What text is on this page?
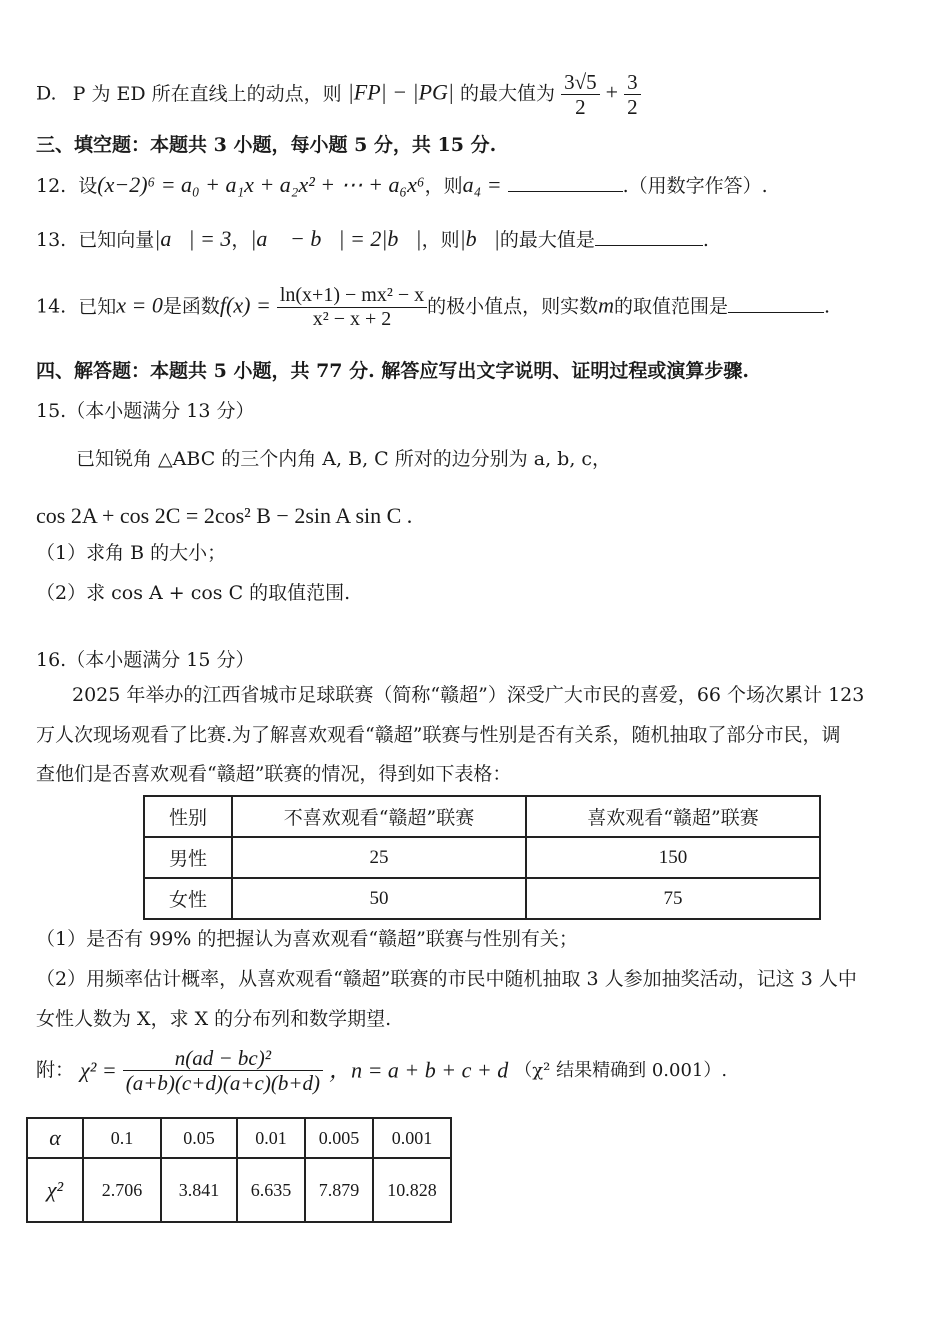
D. P 为 ED 所在直线上的动点，则 |FP| − |PG| 的最大值为 $\frac{3√5}{2} + \frac{3}{2}$
三、填空题：本题共 3 小题，每小题 5 分，共 15 分.
12. 设(x−2)⁶ = a₀ + a₁x + a₂x² + ⋯ + a₆x⁶，则a₄ =	.（用数字作答）.
13. 已知向量|a⃗| = 3，|a⃗ − b⃗| = 2|b⃗|，则|b⃗|的最大值是	.
14. 已知x = 0是函数$f(x) = \frac{\text{ln(x+1) − mx² − x}}{\text{x² − x + 2}}$ 的极小值点，则实数m的取值范围是	.
四、解答题：本题共 5 小题，共 77 分. 解答应写出文字说明、证明过程或演算步骤.
15.（本小题满分 13 分）
已知锐角 △ABC 的三个内角 A, B, C 所对的边分别为 a, b, c，
cos 2A + cos 2C = 2cos² B − 2sin A sin C .
（1）求角 B 的大小；
（2）求 cos A + cos C 的取值范围.
16.（本小题满分 15 分）
2025 年举办的江西省城市足球联赛（简称“赣超”）深受广大市民的喜爱，66 个场次累计 123
万人次现场观看了比赛.为了解喜欢观看“赣超”联赛与性别是否有关系，随机抽取了部分市民，调
查他们是否喜欢观看“赣超”联赛的情况，得到如下表格：
性别	不喜欢观看“赣超”联赛	喜欢观看“赣超”联赛
男性	25	150
女性	50	75
（1）是否有 99% 的把握认为喜欢观看“赣超”联赛与性别有关；
（2）用频率估计概率，从喜欢观看“赣超”联赛的市民中随机抽取 3 人参加抽奖活动，记这 3 人中
女性人数为 X，求 X 的分布列和数学期望.
附： $\chi^2 = \frac{\text{n(ad − bc)²}}{(a+b)(c+d)(a+c)(b+d)}$ ，n = a + b + c + d （χ² 结果精确到 0.001）.
α	0.1	0.05	0.01	0.005	0.001
χ²	2.706	3.841	6.635	7.879	10.828
